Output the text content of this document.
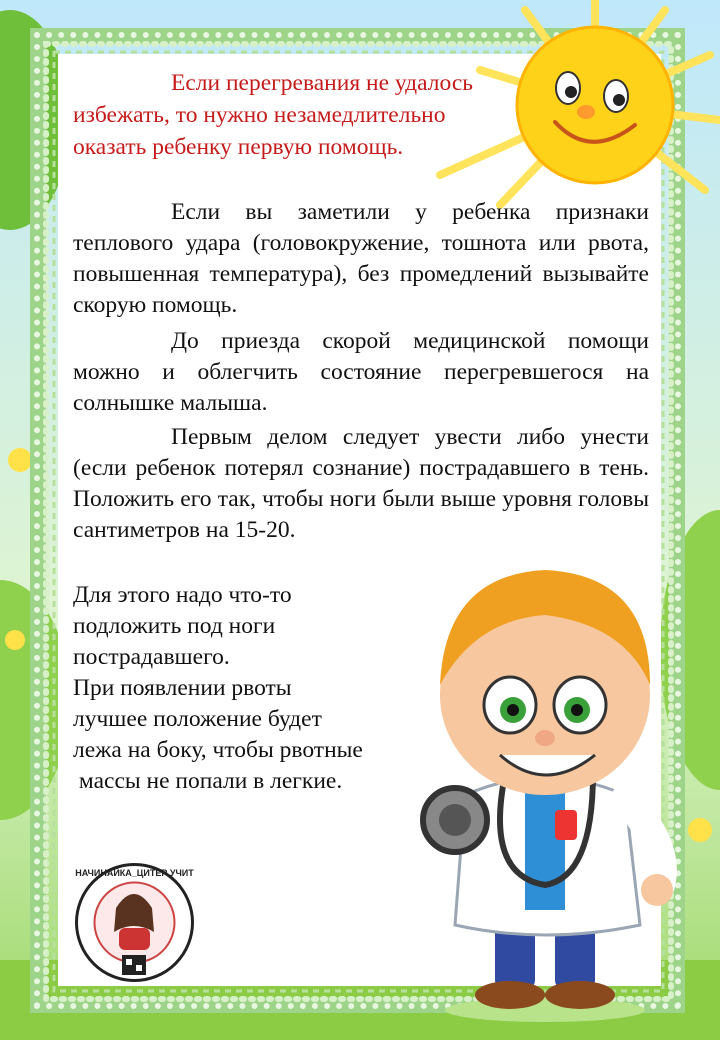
Если перегревания не удалось
избежать, то нужно незамедлительно
оказать ребенку первую помощь.
Если вы заметили у ребенка признаки теплового удара (головокружение, тошнота или рвота, повышенная температура), без промедлений вызывайте скорую помощь.
До приезда скорой медицинской помощи можно и облегчить состояние перегревшегося на солнышке малыша.
Первым делом следует увести либо унести (если ребенок потерял сознание) пострадавшего в тень. Положить его так, чтобы ноги были выше уровня головы сантиметров на 15-20.
Для этого надо что-то
подложить под ноги
пострадавшего.
При появлении рвоты
лучшее положение будет
лежа на боку, чтобы рвотные
массы не попали в легкие.
НАЧИНАЙКА_ЦИТЕР УЧИТ
